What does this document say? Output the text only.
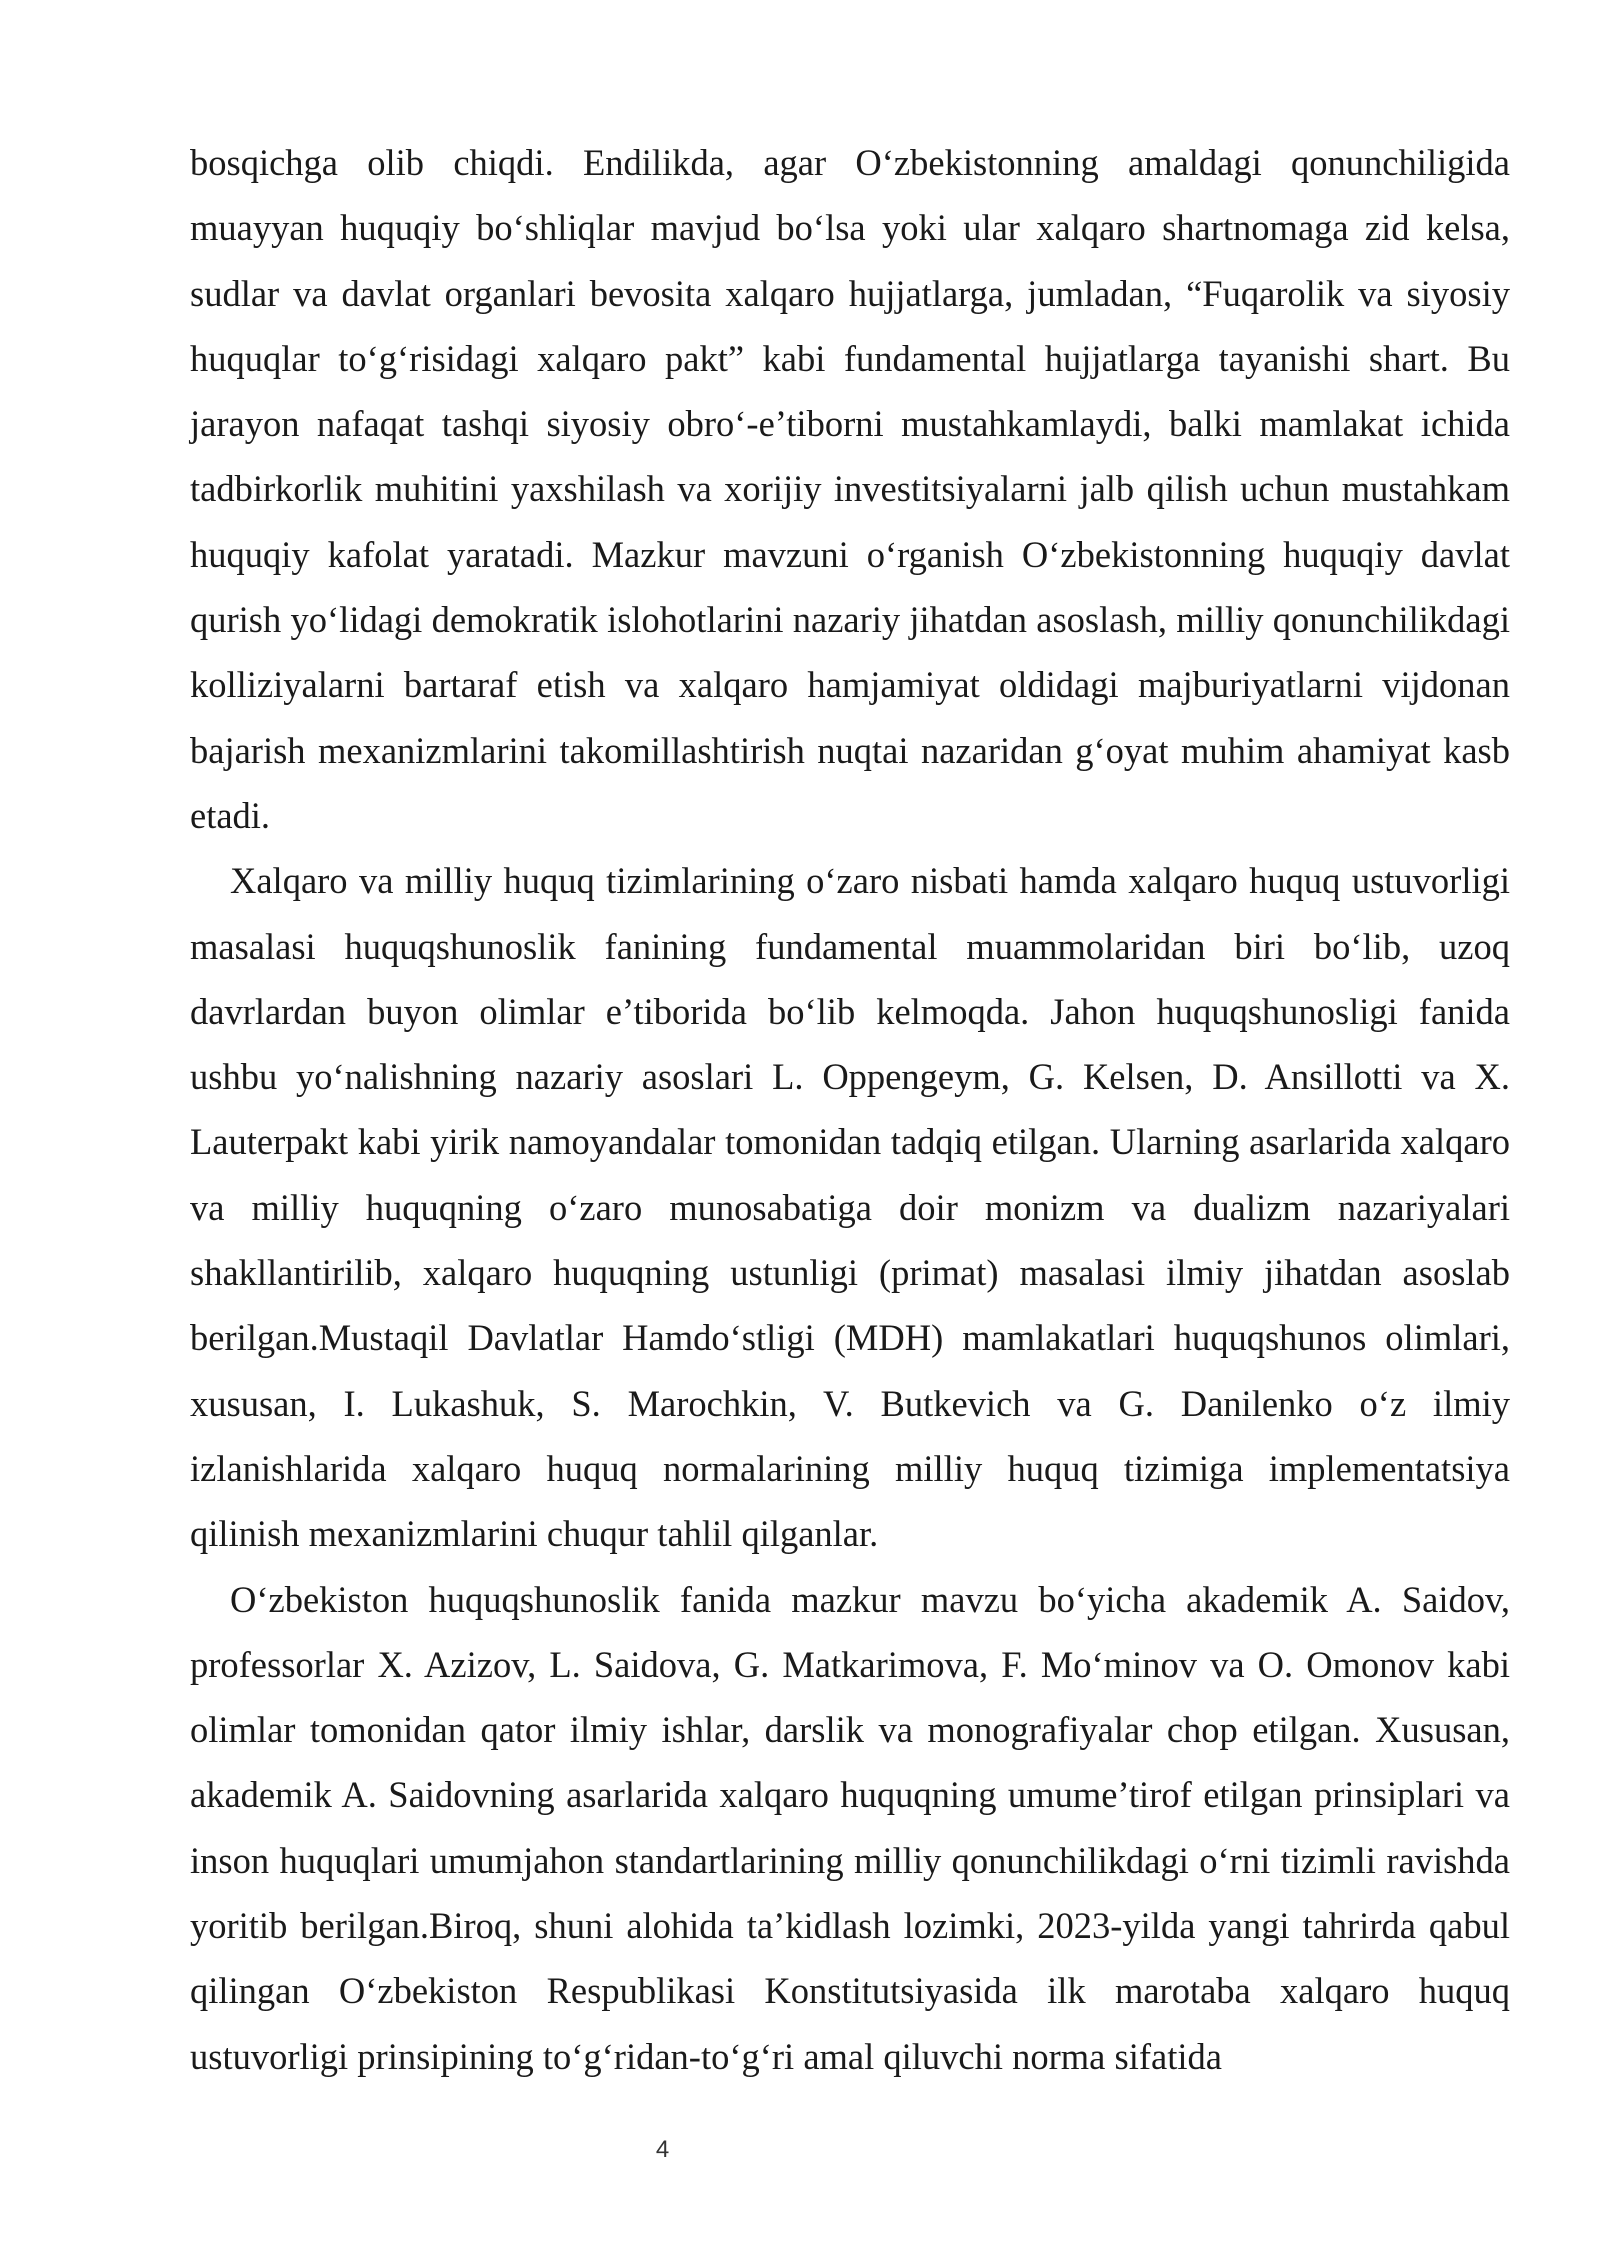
bosqichga olib chiqdi. Endilikda, agar O‘zbekistonning amaldagi qonunchiligida muayyan huquqiy bo‘shliqlar mavjud bo‘lsa yoki ular xalqaro shartnomaga zid kelsa, sudlar va davlat organlari bevosita xalqaro hujjatlarga, jumladan, “Fuqarolik va siyosiy huquqlar to‘g‘risidagi xalqaro pakt” kabi fundamental hujjatlarga tayanishi shart. Bu jarayon nafaqat tashqi siyosiy obro‘-e’tiborni mustahkamlaydi, balki mamlakat ichida tadbirkorlik muhitini yaxshilash va xorijiy investitsiyalarni jalb qilish uchun mustahkam huquqiy kafolat yaratadi. Mazkur mavzuni o‘rganish O‘zbekistonning huquqiy davlat qurish yo‘lidagi demokratik islohotlarini nazariy jihatdan asoslash, milliy qonunchilikdagi kolliziyalarni bartaraf etish va xalqaro hamjamiyat oldidagi majburiyatlarni vijdonan bajarish mexanizmlarini takomillashtirish nuqtai nazaridan g‘oyat muhim ahamiyat kasb etadi.

Xalqaro va milliy huquq tizimlarining o‘zaro nisbati hamda xalqaro huquq ustuvorligi masalasi huquqshunoslik fanining fundamental muammolaridan biri bo‘lib, uzoq davrlardan buyon olimlar e’tiborida bo‘lib kelmoqda. Jahon huquqshunosligi fanida ushbu yo‘nalishning nazariy asoslari L. Oppengeym, G. Kelsen, D. Ansillotti va X. Lauterpakt kabi yirik namoyandalar tomonidan tadqiq etilgan. Ularning asarlarida xalqaro va milliy huquqning o‘zaro munosabatiga doir monizm va dualizm nazariyalari shakllantirilib, xalqaro huquqning ustunligi (primat) masalasi ilmiy jihatdan asoslab berilgan.Mustaqil Davlatlar Hamdo‘stligi (MDH) mamlakatlari huquqshunos olimlari, xususan, I. Lukashuk, S. Marochkin, V. Butkevich va G. Danilenko o‘z ilmiy izlanishlarida xalqaro huquq normalarining milliy huquq tizimiga implementatsiya qilinish mexanizmlarini chuqur tahlil qilganlar.

O‘zbekiston huquqshunoslik fanida mazkur mavzu bo‘yicha akademik A. Saidov, professorlar X. Azizov, L. Saidova, G. Matkarimova, F. Mo‘minov va O. Omonov kabi olimlar tomonidan qator ilmiy ishlar, darslik va monografiyalar chop etilgan. Xususan, akademik A. Saidovning asarlarida xalqaro huquqning umume’tirof etilgan prinsiplari va inson huquqlari umumjahon standartlarining milliy qonunchilikdagi o‘rni tizimli ravishda yoritib berilgan.Biroq, shuni alohida ta’kidlash lozimki, 2023-yilda yangi tahrirda qabul qilingan O‘zbekiston Respublikasi Konstitutsiyasida ilk marotaba xalqaro huquq ustuvorligi prinsipining to‘g‘ridan-to‘g‘ri amal qiluvchi norma sifatida

4
